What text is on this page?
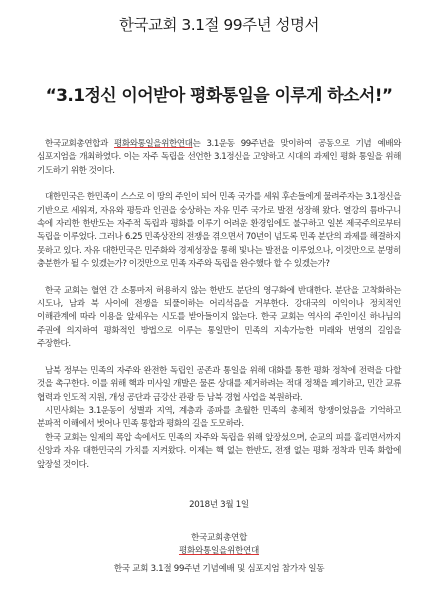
한국교회 3.1절 99주년 성명서
“3.1정신 이어받아 평화통일을 이루게 하소서!”

한국교회총연합과 평화와통일을위한연대는 3.1운동 99주년을 맞이하여 공동으로 기념 예배와 심포지엄을 개최하였다. 이는 자주 독립을 선언한 3.1정신을 고양하고 시대의 과제인 평화 통일을 위해 기도하기 위한 것이다.

대한민국은 한민족이 스스로 이 땅의 주인이 되어 민족 국가를 세워 후손들에게 물려주자는 3.1정신을 기반으로 세워져, 자유와 평등과 인권을 숭상하는 자유 민주 국가로 발전 성장해 왔다. 열강의 틈바구니 속에 자리한 한반도는 자주적 독립과 평화를 이루기 어려운 환경임에도 불구하고 일본 제국주의로부터 독립을 이루었다. 그러나 6.25 민족상잔의 전쟁을 겪으면서 70년이 넘도록 민족 분단의 과제를 해결하지 못하고 있다. 자유 대한민국은 민주화와 경제성장을 통해 빛나는 발전을 이루었으나, 이것만으로 분명히 충분한가 될 수 있겠는가? 이것만으로 민족 자주와 독립을 완수했다 할 수 있겠는가?

한국 교회는 혈연 간 소통마저 허용하지 않는 한반도 분단의 영구화에 반대한다. 분단을 고착화하는 시도나, 남과 북 사이에 전쟁을 되풀이하는 어리석음을 거부한다. 강대국의 이익이나 정치적인 이해관계에 따라 이용을 앞세우는 시도를 받아들이지 않는다. 한국 교회는 역사의 주인이신 하나님의 주권에 의지하여 평화적인 방법으로 이루는 통일만이 민족의 지속가능한 미래와 번영의 길임을 주장한다.

남북 정부는 민족의 자주와 완전한 독립인 공존과 통일을 위해 대화를 통한 평화 정착에 전력을 다할 것을 촉구한다. 이를 위해 핵과 미사일 개발은 물론 상대를 제거하려는 적대 정책을 폐기하고, 민간 교류 협력과 인도적 지원, 개성 공단과 금강산 관광 등 남북 경협 사업을 복원하라.

시민사회는 3.1운동이 성별과 지역, 계층과 종파를 초월한 민족의 총체적 항쟁이었음을 기억하고 분파적 이해에서 벗어나 민족 통합과 평화의 길을 도모하라.

한국 교회는 일제의 폭압 속에서도 민족의 자주와 독립을 위해 앞장섰으며, 순교의 피를 흘리면서까지 신앙과 자유 대한민국의 가치를 지켜왔다. 이제는 핵 없는 한반도, 전쟁 없는 평화 정착과 민족 화합에 앞장설 것이다.

2018년 3월 1일
한국교회총연합
평화와통일을위한연대
한국 교회 3.1절 99주년 기념예배 및 심포지엄 참가자 일동
